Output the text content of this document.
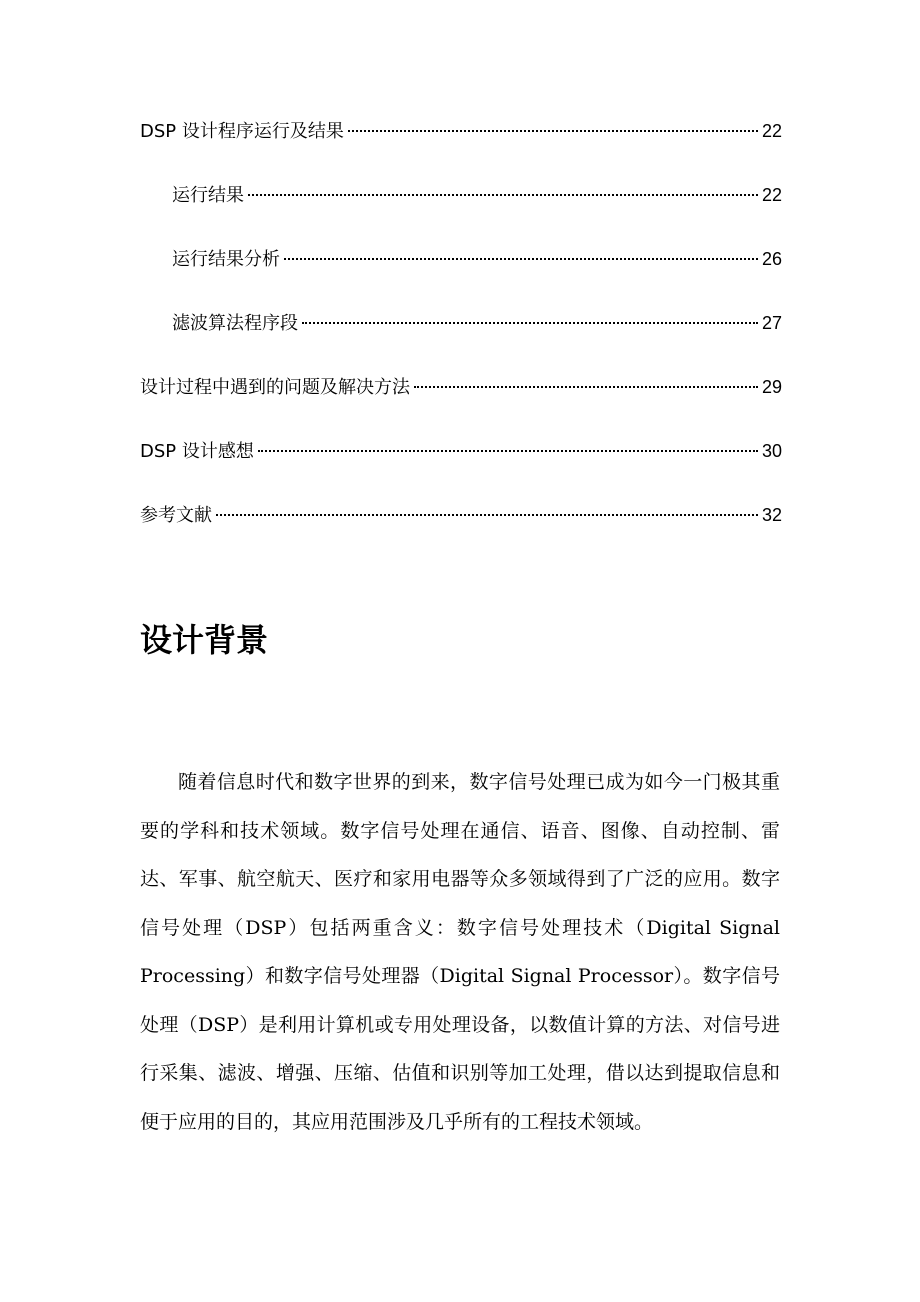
DSP 设计程序运行及结果	22
运行结果	22
运行结果分析	26
滤波算法程序段	27
设计过程中遇到的问题及解决方法	29
DSP 设计感想	30
参考文献	32
设计背景

随着信息时代和数字世界的到来，数字信号处理已成为如今一门极其重要的学科和技术领域。数字信号处理在通信、语音、图像、自动控制、雷达、军事、航空航天、医疗和家用电器等众多领域得到了广泛的应用。数字信号处理（DSP）包括两重含义：数字信号处理技术（Digital Signal Processing）和数字信号处理器（Digital Signal Processor）。数字信号处理（DSP）是利用计算机或专用处理设备，以数值计算的方法、对信号进行采集、滤波、增强、压缩、估值和识别等加工处理，借以达到提取信息和便于应用的目的，其应用范围涉及几乎所有的工程技术领域。
